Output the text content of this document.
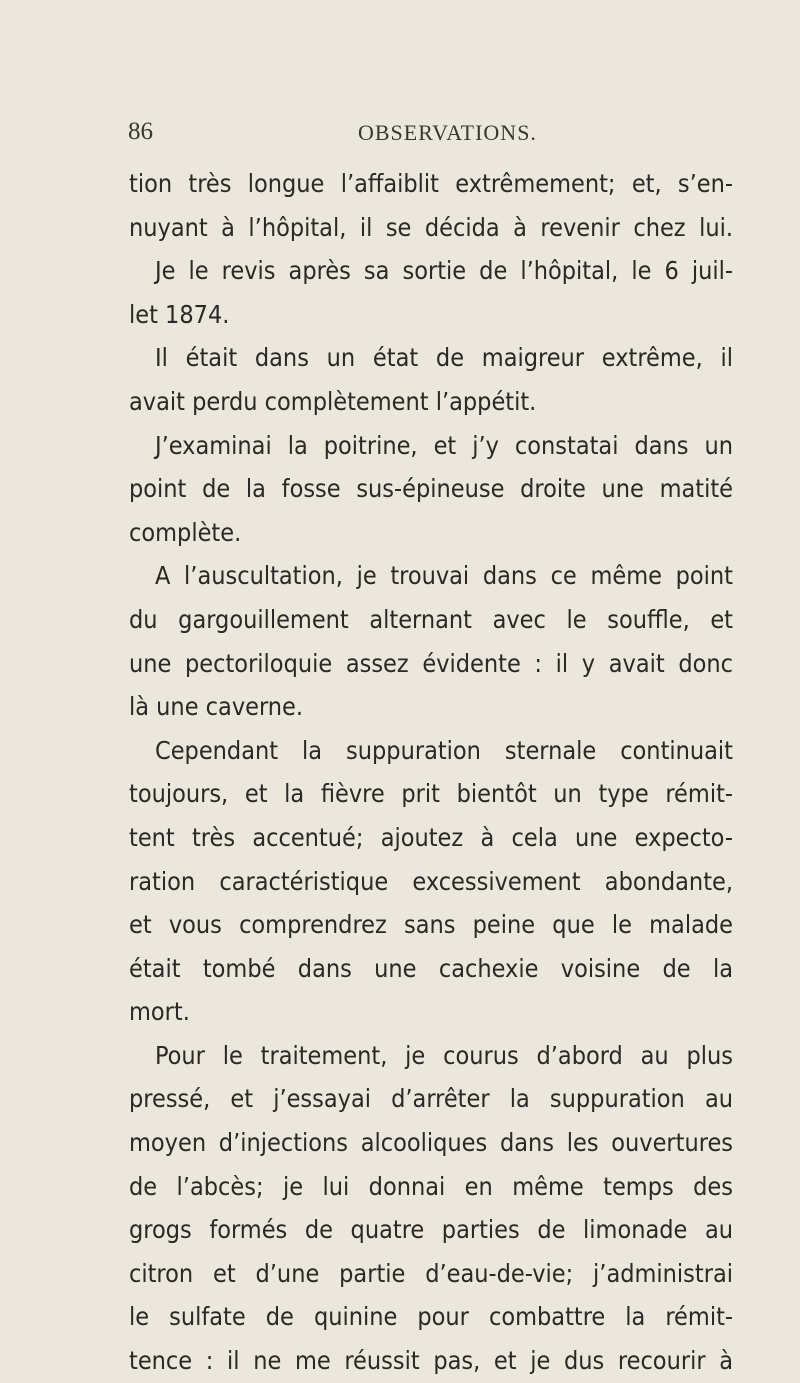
86	OBSERVATIONS.
tion très longue l’affaiblit extrêmement; et, s’en-
nuyant à l’hôpital, il se décida à revenir chez lui.
Je le revis après sa sortie de l’hôpital, le 6 juil-
let 1874.
Il était dans un état de maigreur extrême, il
avait perdu complètement l’appétit.
J’examinai la poitrine, et j’y constatai dans un
point de la fosse sus-épineuse droite une matité
complète.
A l’auscultation, je trouvai dans ce même point
du gargouillement alternant avec le souffle, et
une pectoriloquie assez évidente : il y avait donc
là une caverne.
Cependant la suppuration sternale continuait
toujours, et la fièvre prit bientôt un type rémit-
tent très accentué; ajoutez à cela une expecto-
ration caractéristique excessivement abondante,
et vous comprendrez sans peine que le malade
était tombé dans une cachexie voisine de la
mort.
Pour le traitement, je courus d’abord au plus
pressé, et j’essayai d’arrêter la suppuration au
moyen d’injections alcooliques dans les ouvertures
de l’abcès; je lui donnai en même temps des
grogs formés de quatre parties de limonade au
citron et d’une partie d’eau-de-vie; j’administrai
le sulfate de quinine pour combattre la rémit-
tence : il ne me réussit pas, et je dus recourir à
